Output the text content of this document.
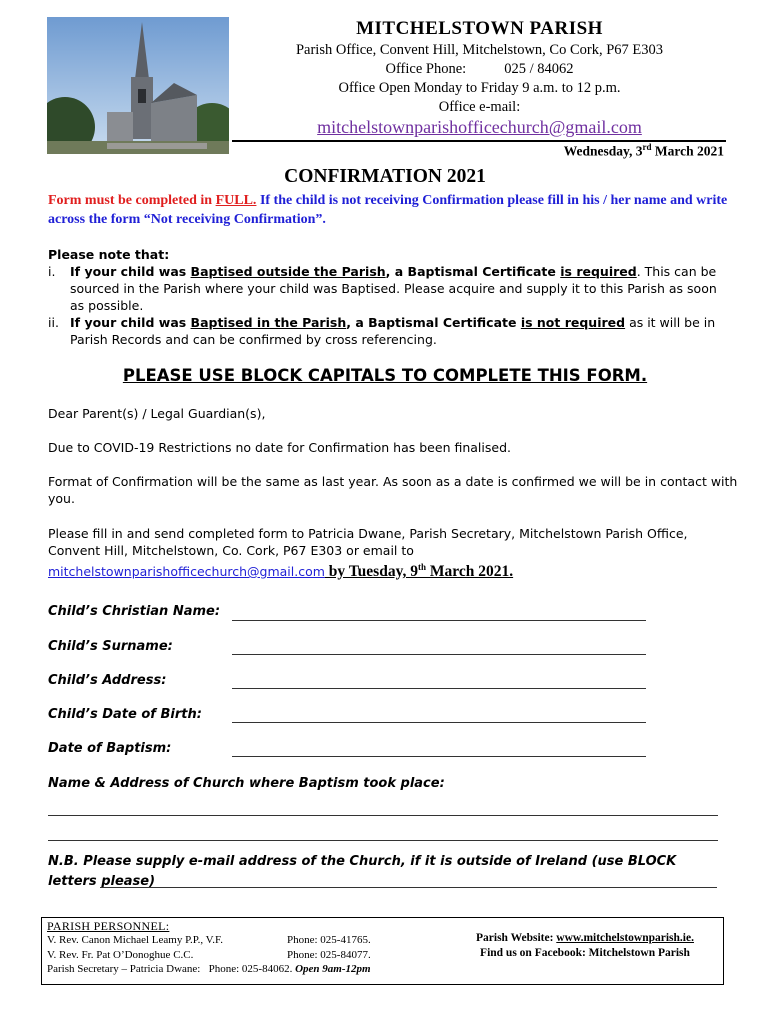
MITCHELSTOWN PARISH
Parish Office, Convent Hill, Mitchelstown, Co Cork, P67 E303
Office Phone:	025 / 84062
Office Open Monday to Friday 9 a.m. to 12 p.m.
Office e-mail:
mitchelstownparishofficechurch@gmail.com
Wednesday, 3rd March 2021
CONFIRMATION 2021
Form must be completed in FULL. If the child is not receiving Confirmation please fill in his / her name and write across the form “Not receiving Confirmation”.
Please note that:
i.	If your child was Baptised outside the Parish, a Baptismal Certificate is required. This can be sourced in the Parish where your child was Baptised. Please acquire and supply it to this Parish as soon as possible.
ii. If your child was Baptised in the Parish, a Baptismal Certificate is not required as it will be in Parish Records and can be confirmed by cross referencing.
PLEASE USE BLOCK CAPITALS TO COMPLETE THIS FORM.
Dear Parent(s) / Legal Guardian(s),
Due to COVID-19 Restrictions no date for Confirmation has been finalised.
Format of Confirmation will be the same as last year. As soon as a date is confirmed we will be in contact with you.
Please fill in and send completed form to Patricia Dwane, Parish Secretary, Mitchelstown Parish Office, Convent Hill, Mitchelstown, Co. Cork, P67 E303 or email to
mitchelstownparishofficechurch@gmail.com by Tuesday, 9th March 2021.
Child’s Christian Name:
Child’s Surname:
Child’s Address:
Child’s Date of Birth:
Date of Baptism:
Name & Address of Church where Baptism took place:
N.B. Please supply e-mail address of the Church, if it is outside of Ireland (use BLOCK letters please)
PARISH PERSONNEL:
V. Rev. Canon Michael Leamy P.P., V.F.	Phone: 025-41765.
V. Rev. Fr. Pat O’Donoghue C.C.	Phone: 025-84077.
Parish Secretary – Patricia Dwane: Phone: 025-84062. Open 9am-12pm
Parish Website: www.mitchelstownparish.ie.
Find us on Facebook: Mitchelstown Parish
